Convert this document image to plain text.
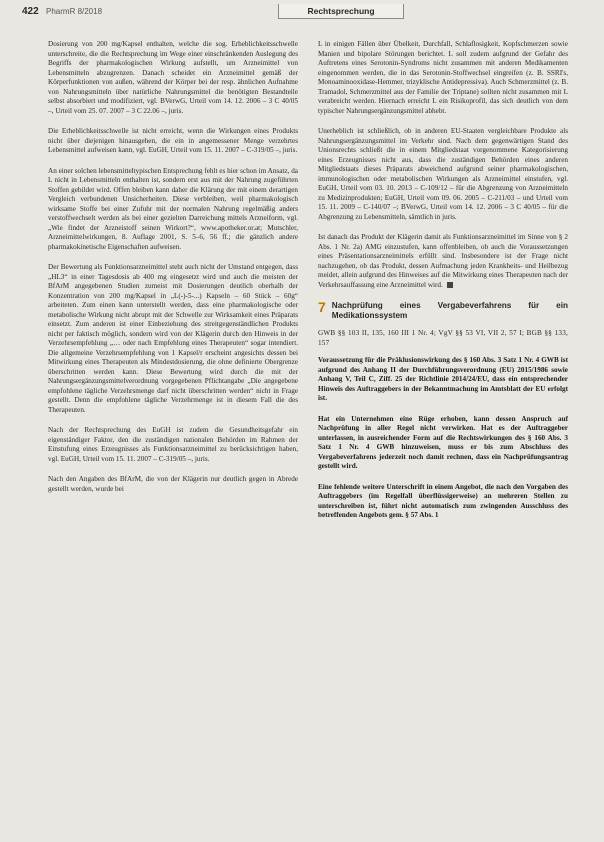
422 PharmR 8/2018	Rechtsprechung

Dosierung von 200 mg/Kapsel enthalten, welche die sog. Erheblichkeitsschwelle unterschreite, die die Rechtsprechung im Wege einer einschränkenden Auslegung des Begriffs der pharmakologischen Wirkung aufstellt, um Arzneimittel von Lebensmitteln abzugrenzen. Danach scheidet ein Arzneimittel gemäß der Körperfunktionen von außen, während der Körper bei der resp. ähnlichen Aufnahme von Nahrungsmitteln über natürliche Nahrungsmittel die benötigten Bestandteile selbst absorbiert und modifiziert, vgl. BVerwG, Urteil vom 14. 12. 2006 – 3 C 40/05 –, Urteil vom 25. 07. 2007 – 3 C 22.06 –, juris.

Die Erheblichkeitsschwelle ist nicht erreicht, wenn die Wirkungen eines Produkts nicht über diejenigen hinausgehen, die ein in angemessener Menge verzehrtes Lebensmittel aufweisen kann, vgl. EuGH, Urteil vom 15. 11. 2007 – C-319/05 –, juris.

An einer solchen lebensmitteltypischen Entsprechung fehlt es hier schon im Ansatz, da L nicht in Lebensmitteln enthalten ist, sondern erst aus mit der Nahrung zugeführten Stoffen gebildet wird. Offen bleiben kann daher die Klärung der mit einem derartigen Vergleich verbundenen Unsicherheiten. Diese verbleiben, weil pharmakologisch wirksame Stoffe bei einer Zufuhr mit der normalen Nahrung regelmäßig anders verstoffwechselt werden als bei einer gezielten Darreichung mittels Arzneiform, vgl. „Wie findet der Arzneistoff seinen Wirkort?“, www.apotheker.or.at; Mutschler, Arzneimittelwirkungen, 8. Auflage 2001, S. 5–6, 56 ff.; die gänzlich andere pharmakokinetische Eigenschaften aufweisen.

Der Bewertung als Funktionsarzneimittel steht auch nicht der Umstand entgegen, dass „HL3“ in einer Tagesdosis ab 400 mg eingesetzt wird und auch die meisten der BfArM angegebenen Studien zumeist mit Dosierungen deutlich oberhalb der Konzentration von 200 mg/Kapsel in „L(-)-5-...) Kapseln – 60 Stück – 60g“ arbeiteten. Zum einen kann unterstellt werden, dass eine pharmakologische oder metabolische Wirkung nicht abrupt mit der Schwelle zur Wirksamkeit eines Präparats einsetzt. Zum anderen ist einer Einbeziehung des streitgegenständlichen Produkts nicht per faktisch möglich, sondern wird von der Klägerin durch den Hinweis in der Verzehrsempfehlung „… oder nach Empfehlung eines Therapeuten“ sogar intendiert. Die allgemeine Verzehrsempfehlung von 1 Kapsel/r erscheint angesichts dessen bei Mitwirkung eines Therapeuten als Mindestdosierung, die ohne definierte Obergrenze überschritten werden kann. Diese Bewertung wird durch die mit der Nahrungsergänzungsmittelverordnung vorgegebenen Pflichtangabe „Die angegebene empfohlene tägliche Verzehrsmenge darf nicht überschritten werden“ nicht in Frage gestellt. Denn die empfohlene tägliche Verzehrmenge ist in diesem Fall die des Therapeuten.

Nach der Rechtsprechung des EuGH ist zudem die Gesundheitsgefahr ein eigenständiger Faktor, den die zuständigen nationalen Behörden im Rahmen der Einstufung eines Erzeugnisses als Funktionsarzneimittel zu berücksichtigen haben, vgl. EuGH, Urteil vom 15. 11. 2007 – C-319/05 –, juris.

Nach den Angaben des BfArM, die von der Klägerin nur deutlich gegen in Abrede gestellt werden, wurde bei

L in einigen Fällen über Übelkeit, Durchfall, Schlaflosigkeit, Kopfschmerzen sowie Manien und bipolare Störungen berichtet. L soll zudem aufgrund der Gefahr des Auftretens eines Serotonin-Syndroms nicht zusammen mit anderen Medikamenten eingenommen werden, die in das Serotonin-Stoffwechsel eingreifen (z. B. SSRI's, Monoaminooxidase-Hemmer, trizyklische Antidepressiva). Auch Schmerzmittel (z. B. Tramadol, Schmerzmittel aus der Familie der Triptane) sollten nicht zusammen mit L verabreicht werden. Hiernach erreicht L ein Risikoprofil, das sich deutlich von dem typischer Nahrungsergänzungsmittel abhebt.

Unerheblich ist schließlich, ob in anderen EU-Staaten vergleichbare Produkte als Nahrungsergänzungsmittel im Verkehr sind. Nach dem gegenwärtigen Stand des Unionsrechts schließt die in einem Mitgliedstaat vorgenommene Kategorisierung eines Erzeugnisses nicht aus, dass die zuständigen Behörden eines anderen Mitgliedstaats dieses Präparats abweichend aufgrund seiner pharmakologischen, immunologischen oder metabolischen Wirkungen als Arzneimittel einstufen, vgl. EuGH, Urteil vom 03. 10. 2013 – C-109/12 – für die Abgrenzung von Arzneimitteln zu Medizinprodukten; EuGH, Urteil vom 09. 06. 2005 – C-211/03 – und Urteil vom 15. 11. 2009 – C-140/07 –; BVerwG, Urteil vom 14. 12. 2006 – 3 C 40/05 – für die Abgrenzung zu Lebensmitteln, sämtlich in juris.

Ist danach das Produkt der Klägerin damit als Funktionsarzneimittel im Sinne von § 2 Abs. 1 Nr. 2a) AMG einzustufen, kann offenbleiben, ob auch die Voraussetzungen eines Präsentationsarzneimittels erfüllt sind. Insbesondere ist der Frage nicht nachzugehen, ob das Produkt, dessen Aufmachung jeden Krankheits- und Heilbezug meidet, allein aufgrund des Hinweises auf die Mitwirkung eines Therapeuten nach der Verkehrsauffassung eine Arzneimittel wird.

7 Nachprüfung eines Vergabeverfahrens für ein Medikationssystem

GWB §§ 103 II, 135, 160 III 1 Nr. 4; VgV §§ 53 VI, VII 2, 57 I; BGB §§ 133, 157

Voraussetzung für die Präklusionswirkung des § 160 Abs. 3 Satz 1 Nr. 4 GWB ist aufgrund des Anhang II der Durchführungsverordnung (EU) 2015/1986 sowie Anhang V, Teil C, Ziff. 25 der Richtlinie 2014/24/EU, dass ein entsprechender Hinweis des Auftraggebers in der Bekanntmachung im Amtsblatt der EU erfolgt ist.

Hat ein Unternehmen eine Rüge erhoben, kann dessen Anspruch auf Nachprüfung in aller Regel nicht verwirken. Hat es der Auftraggeber unterlassen, in ausreichender Form auf die Rechtswirkungen des § 160 Abs. 3 Satz 1 Nr. 4 GWB hinzuweisen, muss er bis zum Abschluss des Vergabeverfahrens jederzeit noch damit rechnen, dass ein Nachprüfungsantrag gestellt wird.

Eine fehlende weitere Unterschrift in einem Angebot, die nach den Vorgaben des Auftraggebers (im Regelfall überflüssigerweise) an mehreren Stellen zu unterschreiben ist, führt nicht automatisch zum zwingenden Ausschluss des betreffenden Angebots gem. § 57 Abs. 1
